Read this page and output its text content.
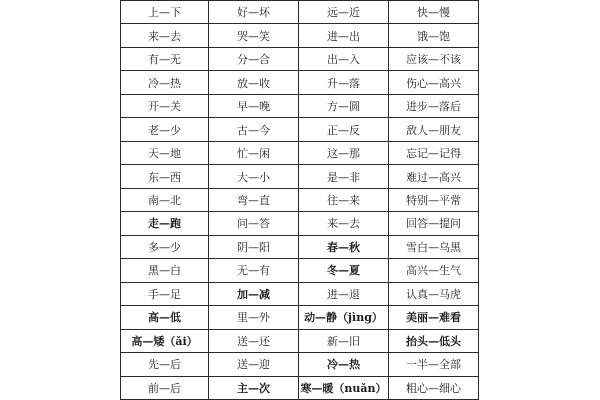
上—下	好—坏	远—近	快—慢
来—去	哭—笑	进—出	饿—饱
有—无	分—合	出—入	应该—不该
冷—热	放—收	升—落	伤心—高兴
开—关	早—晚	方—圆	进步—落后
老—少	古—今	正—反	敌人—朋友
天—地	忙—闲	这—那	忘记—记得
东—西	大—小	是—非	难过—高兴
南—北	弯—直	往—来	特别—平常
走—跑	问—答	来—去	回答—提问
多—少	阴—阳	春—秋	雪白—乌黑
黑—白	无—有	冬—夏	高兴—生气
手—足	加—减	进—退	认真—马虎
高—低	里—外	动—静（jìng）	美丽—难看
高—矮（ǎi）	送—还	新—旧	抬头—低头
先—后	送—迎	冷—热	一半—全部
前—后	主—次	寒—暖（nuǎn）	粗心—细心
